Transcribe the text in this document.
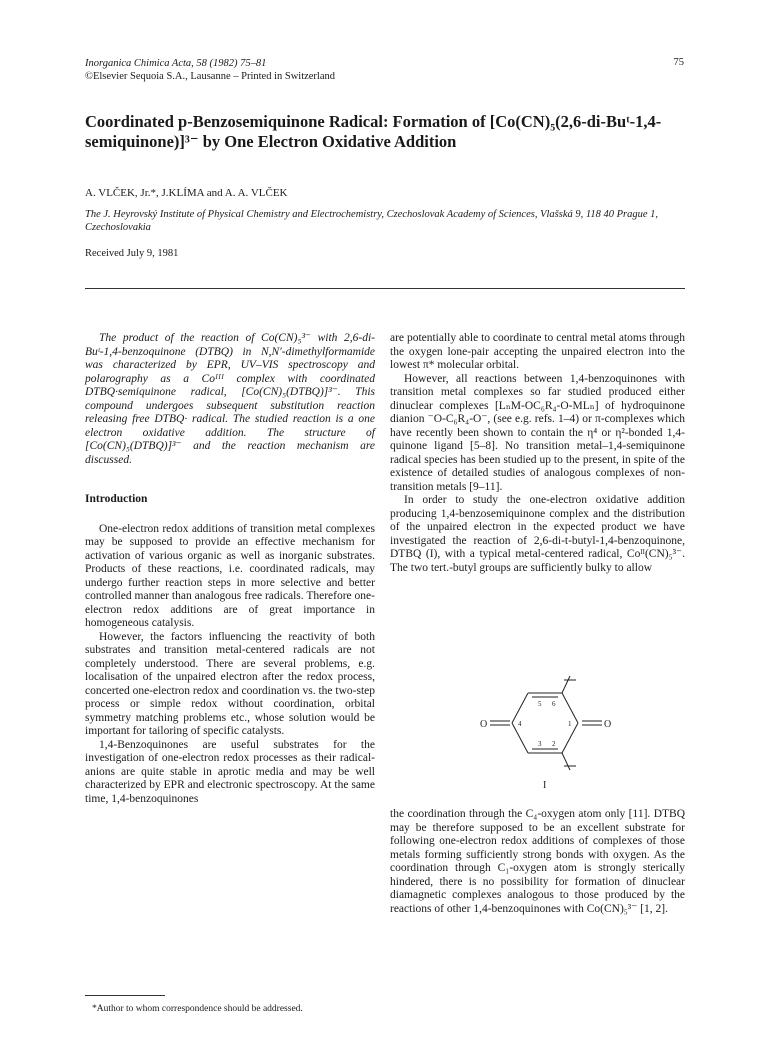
Inorganica Chimica Acta, 58 (1982) 75–81
©Elsevier Sequoia S.A., Lausanne – Printed in Switzerland
75
Coordinated p-Benzosemiquinone Radical: Formation of [Co(CN)₅(2,6-di-Buᵗ-1,4-semiquinone)]³⁻ by One Electron Oxidative Addition
A. VLČEK, Jr.*, J.KLÍMA and A. A. VLČEK
The J. Heyrovský Institute of Physical Chemistry and Electrochemistry, Czechoslovak Academy of Sciences, Vlašská 9, 118 40 Prague 1, Czechoslovakia
Received July 9, 1981

The product of the reaction of Co(CN)₅³⁻ with 2,6-di-Buᵗ-1,4-benzoquinone (DTBQ) in N,N′-dimethylformamide was characterized by EPR, UV–VIS spectroscopy and polarography as a Coᴵᴵᴵ complex with coordinated DTBQ·semiquinone radical, [Co(CN)₅(DTBQ)]³⁻. This compound undergoes subsequent substitution reaction releasing free DTBQ· radical. The studied reaction is a one electron oxidative addition. The structure of [Co(CN)₅(DTBQ)]³⁻ and the reaction mechanism are discussed.

Introduction

One-electron redox additions of transition metal complexes may be supposed to provide an effective mechanism for activation of various organic as well as inorganic substrates. Products of these reactions, i.e. coordinated radicals, may undergo further reaction steps in more selective and better controlled manner than analogous free radicals. Therefore one-electron redox additions are of great importance in homogeneous catalysis.

However, the factors influencing the reactivity of both substrates and transition metal-centered radicals are not completely understood. There are several problems, e.g. localisation of the unpaired electron after the redox process, concerted one-electron redox and coordination vs. the two-step process or simple redox without coordination, orbital symmetry matching problems etc., whose solution would be important for tailoring of specific catalysts.

1,4-Benzoquinones are useful substrates for the investigation of one-electron redox processes as their radical-anions are quite stable in aprotic media and may be well characterized by EPR and electronic spectroscopy. At the same time, 1,4-benzoquinones

are potentially able to coordinate to central metal atoms through the oxygen lone-pair accepting the unpaired electron into the lowest π* molecular orbital.

However, all reactions between 1,4-benzoquinones with transition metal complexes so far studied produced either dinuclear complexes [LₙM-OC₆R₄-O-MLₙ] of hydroquinone dianion ⁻O-C₆R₄-O⁻, (see e.g. refs. 1–4) or π-complexes which have recently been shown to contain the η⁴ or η²-bonded 1,4-quinone ligand [5–8]. No transition metal–1,4-semiquinone radical species has been studied up to the present, in spite of the existence of detailed studies of analogous complexes of non-transition metals [9–11].

In order to study the one-electron oxidative addition producing 1,4-benzosemiquinone complex and the distribution of the unpaired electron in the expected product we have investigated the reaction of 2,6-di-t-butyl-1,4-benzoquinone, DTBQ (I), with a typical metal-centered radical, Coᴵᴵ(CN)₅³⁻. The two tert.-butyl groups are sufficiently bulky to allow

5 6
4	1
3 2
O	O
I

the coordination through the C₄-oxygen atom only [11]. DTBQ may be therefore supposed to be an excellent substrate for following one-electron redox additions of complexes of those metals forming sufficiently strong bonds with oxygen. As the coordination through C₁-oxygen atom is strongly sterically hindered, there is no possibility for formation of dinuclear diamagnetic complexes analogous to those produced by the reactions of other 1,4-benzoquinones with Co(CN)₅³⁻ [1, 2].

*Author to whom correspondence should be addressed.
